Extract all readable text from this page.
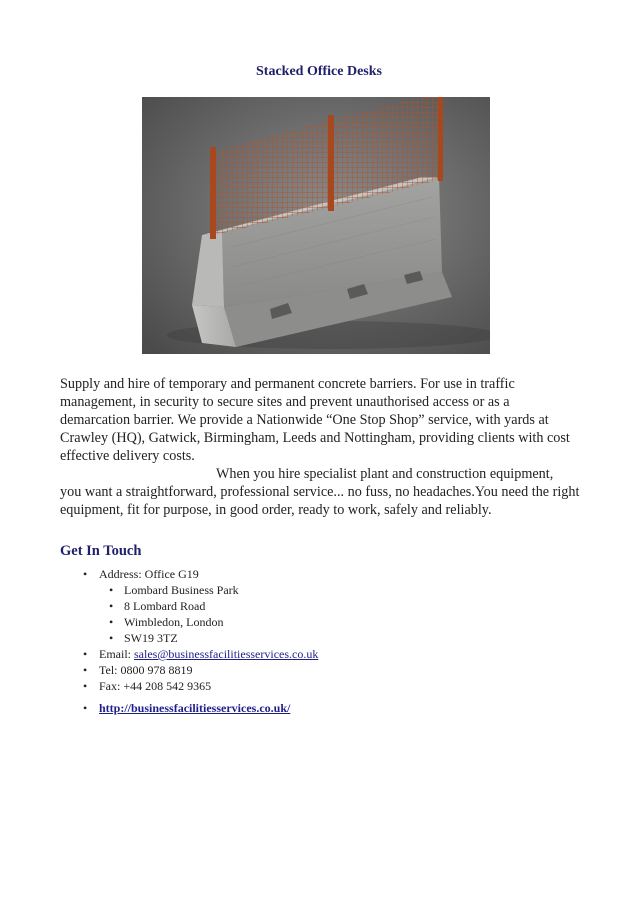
Stacked Office Desks

Supply and hire of temporary and permanent concrete barriers. For use in traffic management, in security to secure sites and prevent unauthorised access or as a demarcation barrier. We provide a Nationwide “One Stop Shop” service, with yards at Crawley (HQ), Gatwick, Birmingham, Leeds and Nottingham, providing clients with cost effective delivery costs.

When you hire specialist plant and construction equipment,

you want a straightforward, professional service... no fuss, no headaches.You need the right equipment, fit for purpose, in good order, ready to work, safely and reliably.

Get In Touch
• Address: Office G19
• Lombard Business Park
• 8 Lombard Road
• Wimbledon, London
• SW19 3TZ
• Email: sales@businessfacilitiesservices.co.uk
• Tel: 0800 978 8819
• Fax: +44 208 542 9365
• http://businessfacilitiesservices.co.uk/
